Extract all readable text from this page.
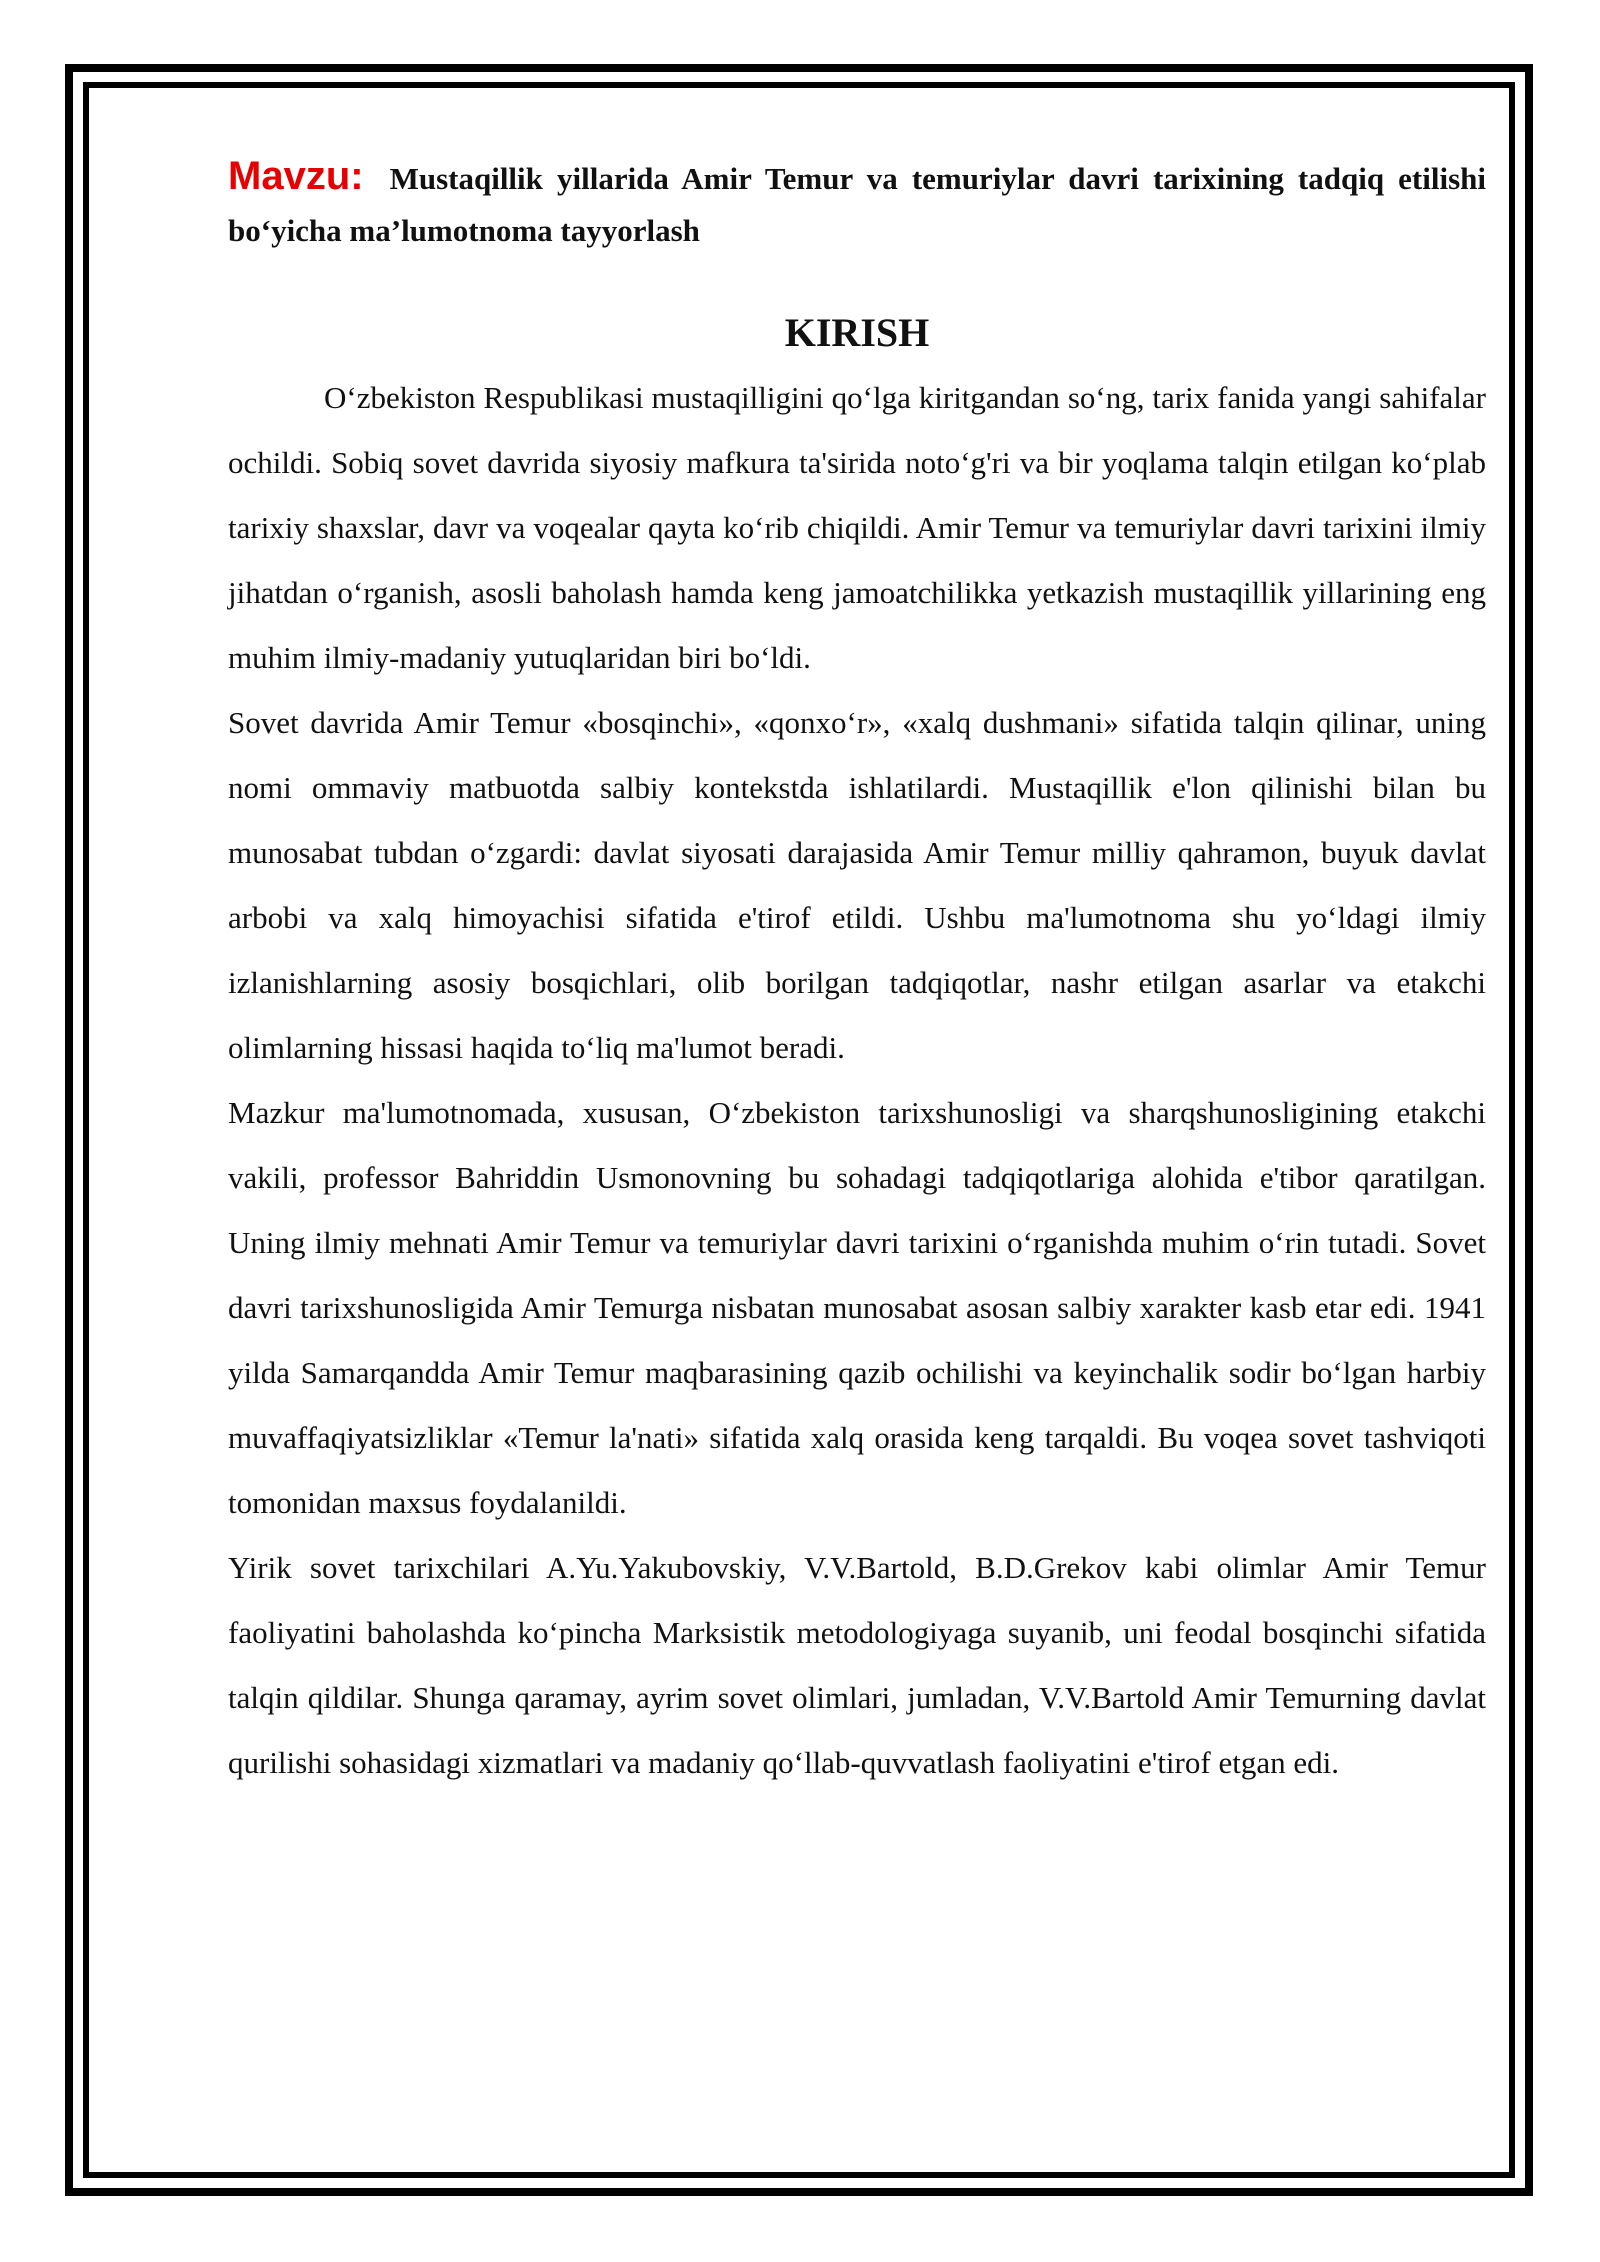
Mavzu: Mustaqillik yillarida Amir Temur va temuriylar davri tarixining tadqiq etilishi bo‘yicha ma’lumotnoma tayyorlash

KIRISH

O‘zbekiston Respublikasi mustaqilligini qo‘lga kiritgandan so‘ng, tarix fanida yangi sahifalar ochildi. Sobiq sovet davrida siyosiy mafkura ta'sirida noto‘g'ri va bir yoqlama talqin etilgan ko‘plab tarixiy shaxslar, davr va voqealar qayta ko‘rib chiqildi. Amir Temur va temuriylar davri tarixini ilmiy jihatdan o‘rganish, asosli baholash hamda keng jamoatchilikka yetkazish mustaqillik yillarining eng muhim ilmiy-madaniy yutuqlaridan biri bo‘ldi.

Sovet davrida Amir Temur «bosqinchi», «qonxo‘r», «xalq dushmani» sifatida talqin qilinar, uning nomi ommaviy matbuotda salbiy kontekstda ishlatilardi. Mustaqillik e'lon qilinishi bilan bu munosabat tubdan o‘zgardi: davlat siyosati darajasida Amir Temur milliy qahramon, buyuk davlat arbobi va xalq himoyachisi sifatida e'tirof etildi. Ushbu ma'lumotnoma shu yo‘ldagi ilmiy izlanishlarning asosiy bosqichlari, olib borilgan tadqiqotlar, nashr etilgan asarlar va etakchi olimlarning hissasi haqida to‘liq ma'lumot beradi.

Mazkur ma'lumotnomada, xususan, O‘zbekiston tarixshunosligi va sharqshunosligining etakchi vakili, professor Bahriddin Usmonovning bu sohadagi tadqiqotlariga alohida e'tibor qaratilgan. Uning ilmiy mehnati Amir Temur va temuriylar davri tarixini o‘rganishda muhim o‘rin tutadi. Sovet davri tarixshunosligida Amir Temurga nisbatan munosabat asosan salbiy xarakter kasb etar edi. 1941 yilda Samarqandda Amir Temur maqbarasining qazib ochilishi va keyinchalik sodir bo‘lgan harbiy muvaffaqiyatsizliklar «Temur la'nati» sifatida xalq orasida keng tarqaldi. Bu voqea sovet tashviqoti tomonidan maxsus foydalanildi.

Yirik sovet tarixchilari A.Yu.Yakubovskiy, V.V.Bartold, B.D.Grekov kabi olimlar Amir Temur faoliyatini baholashda ko‘pincha Marksistik metodologiyaga suyanib, uni feodal bosqinchi sifatida talqin qildilar. Shunga qaramay, ayrim sovet olimlari, jumladan, V.V.Bartold Amir Temurning davlat qurilishi sohasidagi xizmatlari va madaniy qo‘llab-quvvatlash faoliyatini e'tirof etgan edi.
